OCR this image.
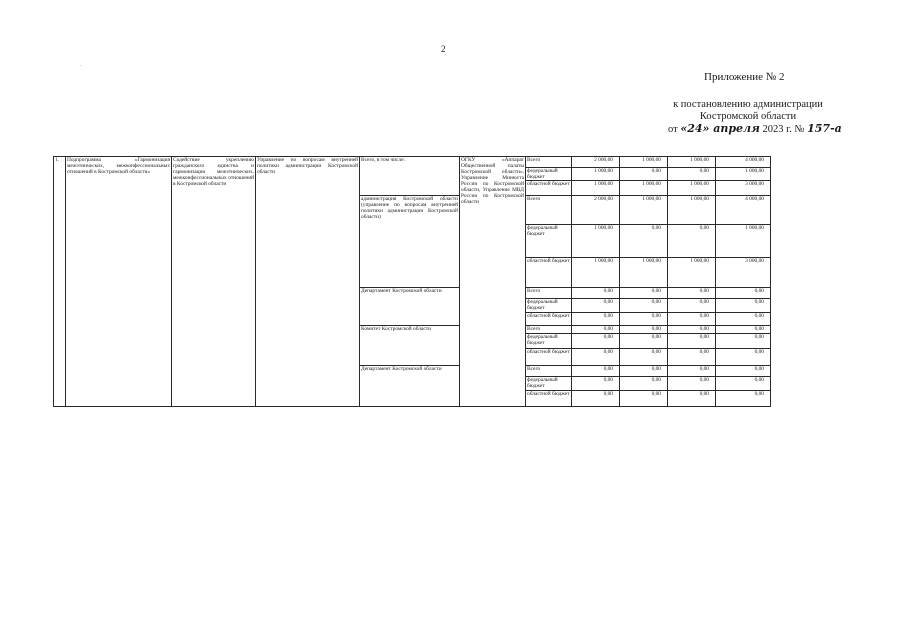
2
.
Приложение № 2
к постановлению администрации
Костромской области
от «24» апреля 2023 г. № 157-а
1.	Подпрограмма «Гармонизация межэтнических, межконфессиональных отношений в Костромской области»	Содействие укреплению гражданского единства и гармонизации межэтнических, межконфессиональных отношений в Костромской области	Управление по вопросам внутренней политики администрации Костромской области	Всего, в том числе:	ОГКУ «Аппарат Общественной палаты Костромской области», Управление Минюста России по Костромской области, Управление МВД России по Костромской области	Всего	2 000,00	1 000,00	1 000,00	4 000,00
						федеральный бюджет	1 000,00	0,00	0,00	1 000,00
						областной бюджет	1 000,00	1 000,00	1 000,00	3 000,00
				администрация Костромской области (управление по вопросам внутренней политики администрации Костромской области)		Всего	2 000,00	1 000,00	1 000,00	4 000,00
						федеральный бюджет	1 000,00	0,00	0,00	1 000,00
						областной бюджет	1 000,00	1 000,00	1 000,00	3 000,00
				Департамент Костромской области		Всего	0,00	0,00	0,00	0,00
						федеральный бюджет	0,00	0,00	0,00	0,00
						областной бюджет	0,00	0,00	0,00	0,00
				Комитет Костромской области		Всего	0,00	0,00	0,00	0,00
						федеральный бюджет	0,00	0,00	0,00	0,00
						областной бюджет	0,00	0,00	0,00	0,00
				Департамент Костромской области		Всего	0,00	0,00	0,00	0,00
						федеральный бюджет	0,00	0,00	0,00	0,00
						областной бюджет	0,00	0,00	0,00	0,00
